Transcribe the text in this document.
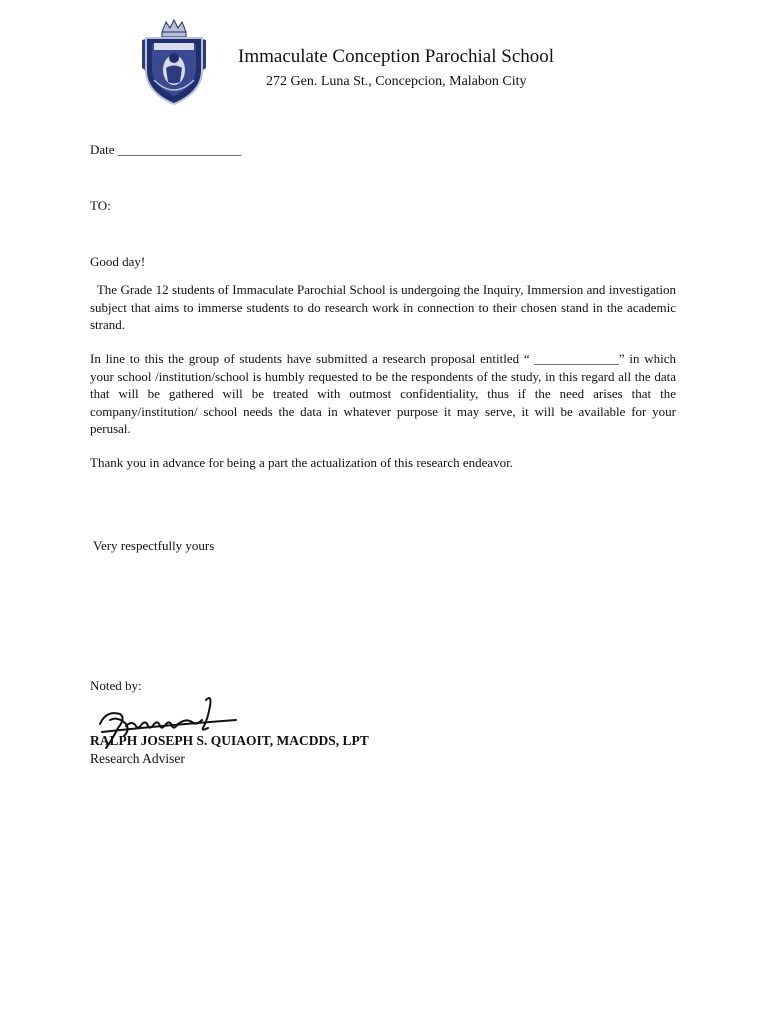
Immaculate Conception Parochial School
272 Gen. Luna St., Concepcion, Malabon City
Date ___________________
TO:
Good day!
The Grade 12 students of Immaculate Parochial School is undergoing the Inquiry, Immersion and investigation subject that aims to immerse students to do research work in connection to their chosen stand in the academic strand.
In line to this the group of students have submitted a research proposal entitled “ _____________” in which your school /institution/school is humbly requested to be the respondents of the study, in this regard all the data that will be gathered will be treated with outmost confidentiality, thus if the need arises that the company/institution/ school needs the data in whatever purpose it may serve, it will be available for your perusal.
Thank you in advance for being a part the actualization of this research endeavor.
Very respectfully yours
Noted by:
RALPH JOSEPH S. QUIAOIT, MACDDS, LPT
Research Adviser
